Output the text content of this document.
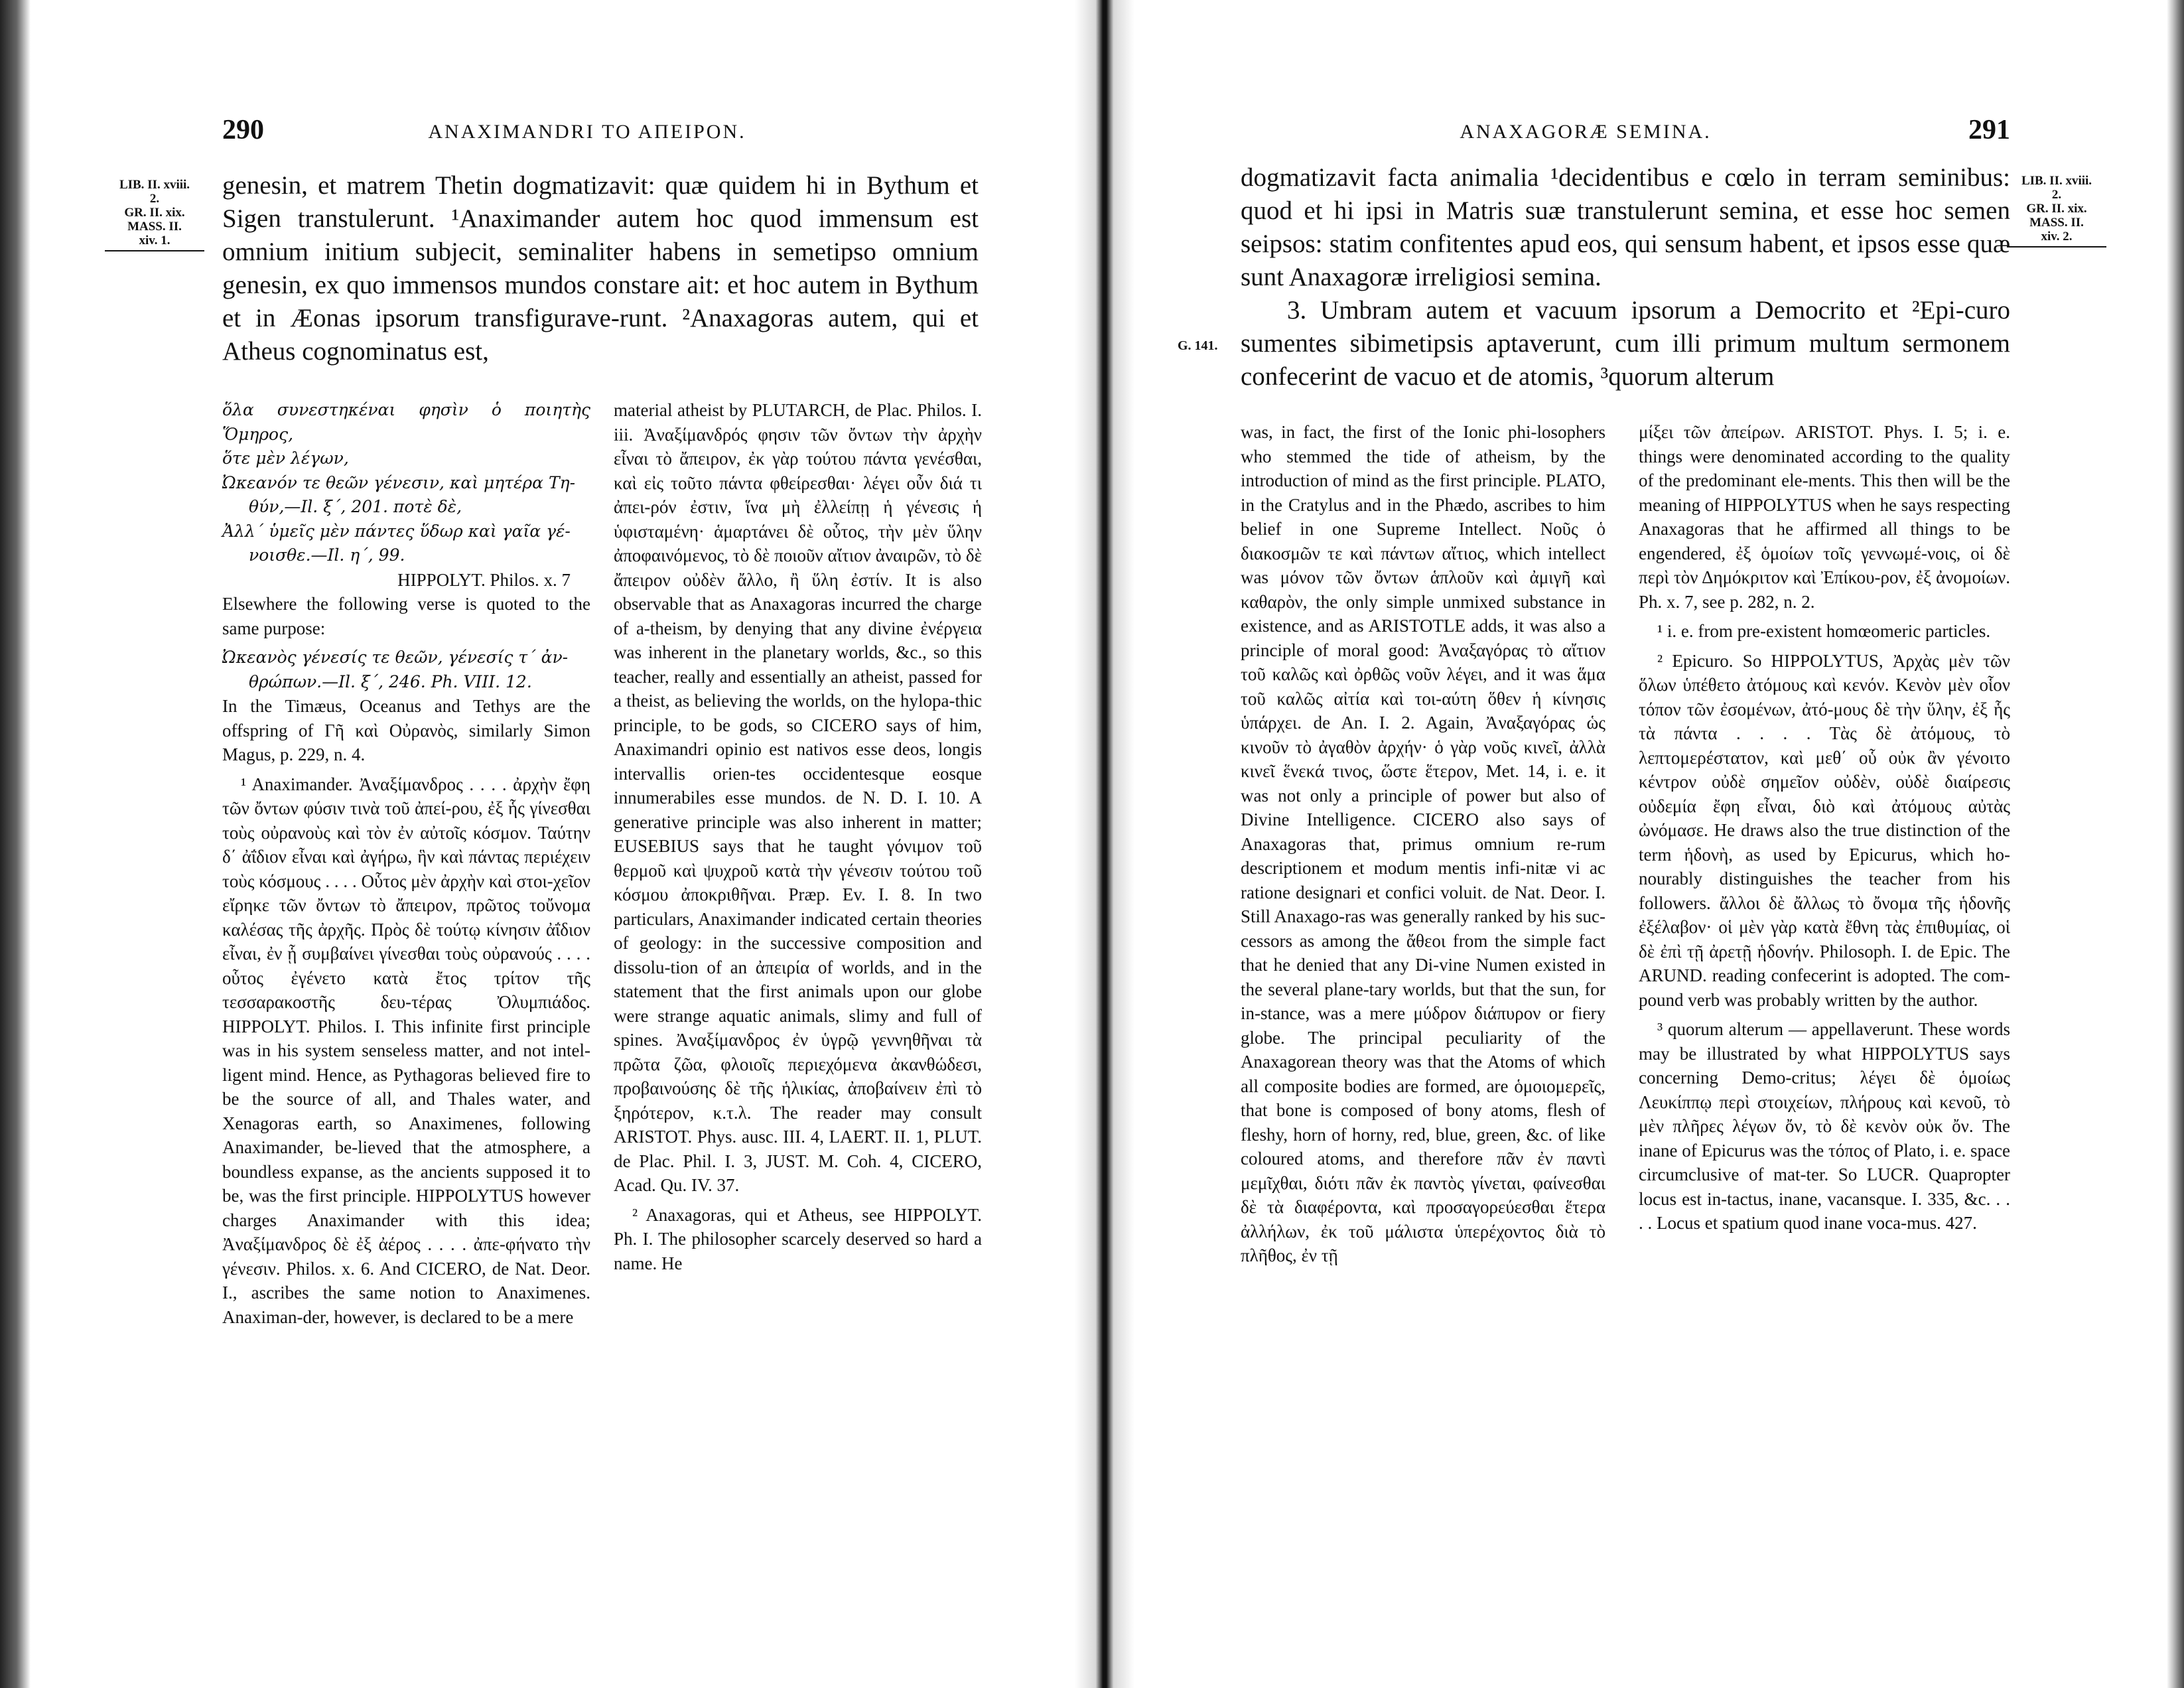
290	ANAXIMANDRI ΤΟ ΑΠΕΙΡΟΝ.
LIB. II. xviii.
2.
GR. II. xix.
MASS. II.
xiv. 1.
genesin, et matrem Thetin dogmatizavit: quæ quidem hi in Bythum et Sigen transtulerunt. ¹Anaximander autem hoc quod immensum est omnium initium subjecit, seminaliter habens in semetipso omnium genesin, ex quo immensos mundos constare ait: et hoc autem in Bythum et in Æonas ipsorum transfigurave-runt. ²Anaxagoras autem, qui et Atheus cognominatus est,
ὅλα συνεστηκέναι φησὶν ὁ ποιητὴς Ὅμηρος,
ὅτε μὲν λέγων,
Ὠκεανόν τε θεῶν γένεσιν, καὶ μητέρα Τη-
θύν,—Il. ξ΄, 201. ποτὲ δὲ,
Ἀλλ΄ ὑμεῖς μὲν πάντες ὕδωρ καὶ γαῖα γέ-
νοισθε.—Il. η΄, 99.
HIPPOLYT. Philos. x. 7

Elsewhere the following verse is quoted to the same purpose:

Ὠκεανὸς γένεσίς τε θεῶν, γένεσίς τ΄ ἀν-
θρώπων.—Il. ξ΄, 246. Ph. VIII. 12.

In the Timæus, Oceanus and Tethys are the offspring of Γῆ καὶ Οὐρανὸς, similarly Simon Magus, p. 229, n. 4.

¹ Anaximander. Ἀναξίμανδρος . . . . ἀρχὴν ἔφη τῶν ὄντων φύσιν τινὰ τοῦ ἀπεί-ρου, ἐξ ἧς γίνεσθαι τοὺς οὐρανοὺς καὶ τὸν ἐν αὐτοῖς κόσμον. Ταύτην δ΄ ἀΐδιον εἶναι καὶ ἀγήρω, ἣν καὶ πάντας περιέχειν τοὺς κόσμους . . . . Οὗτος μὲν ἀρχὴν καὶ στοι-χεῖον εἴρηκε τῶν ὄντων τὸ ἄπειρον, πρῶτος τοὔνομα καλέσας τῆς ἀρχῆς. Πρὸς δὲ τούτῳ κίνησιν ἀΐδιον εἶναι, ἐν ᾗ συμβαίνει γίνεσθαι τοὺς οὐρανούς . . . . οὗτος ἐγένετο κατὰ ἔτος τρίτον τῆς τεσσαρακοστῆς δευ-τέρας Ὀλυμπιάδος. HIPPOLYT. Philos. I. This infinite first principle was in his system senseless matter, and not intel-ligent mind. Hence, as Pythagoras believed fire to be the source of all, and Thales water, and Xenagoras earth, so Anaximenes, following Anaximander, be-lieved that the atmosphere, a boundless expanse, as the ancients supposed it to be, was the first principle. HIPPOLYTUS however charges Anaximander with this idea; Ἀναξίμανδρος δὲ ἐξ ἀέρος . . . . ἀπε-φήνατο τὴν γένεσιν. Philos. x. 6. And CICERO, de Nat. Deor. I., ascribes the same notion to Anaximenes. Anaximan-der, however, is declared to be a mere

material atheist by PLUTARCH, de Plac. Philos. I. iii. Ἀναξίμανδρός φησιν τῶν ὄντων τὴν ἀρχὴν εἶναι τὸ ἄπειρον, ἐκ γὰρ τούτου πάντα γενέσθαι, καὶ εἰς τοῦτο πάντα φθείρεσθαι· λέγει οὖν διά τι ἀπει-ρόν ἐστιν, ἵνα μὴ ἐλλείπῃ ἡ γένεσις ἡ ὑφισταμένη· ἁμαρτάνει δὲ οὗτος, τὴν μὲν ὕλην ἀποφαινόμενος, τὸ δὲ ποιοῦν αἴτιον ἀναιρῶν, τὸ δὲ ἄπειρον οὐδὲν ἄλλο, ἢ ὕλη ἐστίν. It is also observable that as Anaxagoras incurred the charge of a-theism, by denying that any divine ἐνέργεια was inherent in the planetary worlds, &c., so this teacher, really and essentially an atheist, passed for a theist, as believing the worlds, on the hylopa-thic principle, to be gods, so CICERO says of him, Anaximandri opinio est nativos esse deos, longis intervallis orien-tes occidentesque eosque innumerabiles esse mundos. de N. D. I. 10. A generative principle was also inherent in matter; EUSEBIUS says that he taught γόνιμον τοῦ θερμοῦ καὶ ψυχροῦ κατὰ τὴν γένεσιν τούτου τοῦ κόσμου ἀποκριθῆναι. Præp. Ev. I. 8. In two particulars, Anaximander indicated certain theories of geology: in the successive composition and dissolu-tion of an ἀπειρία of worlds, and in the statement that the first animals upon our globe were strange aquatic animals, slimy and full of spines. Ἀναξίμανδρος ἐν ὑγρῷ γεννηθῆναι τὰ πρῶτα ζῶα, φλοιοῖς περιεχόμενα ἀκανθώδεσι, προβαινούσης δὲ τῆς ἡλικίας, ἀποβαίνειν ἐπὶ τὸ ξηρότερον, κ.τ.λ. The reader may consult ARISTOT. Phys. ausc. III. 4, LAERT. II. 1, PLUT. de Plac. Phil. I. 3, JUST. M. Coh. 4, CICERO, Acad. Qu. IV. 37.

² Anaxagoras, qui et Atheus, see HIPPOLYT. Ph. I. The philosopher scarcely deserved so hard a name. He

ANAXAGORÆ SEMINA.	291
LIB. II. xviii.
2.
GR. II. xix.
MASS. II.
xiv. 2.
G. 141.
dogmatizavit facta animalia ¹decidentibus e cœlo in terram seminibus: quod et hi ipsi in Matris suæ transtulerunt semina, et esse hoc semen seipsos: statim confitentes apud eos, qui sensum habent, et ipsos esse quæ sunt Anaxagoræ irreligiosi semina.
3. Umbram autem et vacuum ipsorum a Democrito et ²Epi-curo sumentes sibimetipsis aptaverunt, cum illi primum multum sermonem confecerint de vacuo et de atomis, ³quorum alterum

was, in fact, the first of the Ionic phi-losophers who stemmed the tide of atheism, by the introduction of mind as the first principle. PLATO, in the Cratylus and in the Phædo, ascribes to him belief in one Supreme Intellect. Νοῦς ὁ διακοσμῶν τε καὶ πάντων αἴτιος, which intellect was μόνον τῶν ὄντων ἁπλοῦν καὶ ἀμιγῆ καὶ καθαρὸν, the only simple unmixed substance in existence, and as ARISTOTLE adds, it was also a principle of moral good: Ἀναξαγόρας τὸ αἴτιον τοῦ καλῶς καὶ ὀρθῶς νοῦν λέγει, and it was ἅμα τοῦ καλῶς αἰτία καὶ τοι-αύτη ὅθεν ἡ κίνησις ὑπάρχει. de An. I. 2. Again, Ἀναξαγόρας ὡς κινοῦν τὸ ἀγαθὸν ἀρχήν· ὁ γὰρ νοῦς κινεῖ, ἀλλὰ κινεῖ ἕνεκά τινος, ὥστε ἕτερον, Met. 14, i. e. it was not only a principle of power but also of Divine Intelligence. CICERO also says of Anaxagoras that, primus omnium re-rum descriptionem et modum mentis infi-nitæ vi ac ratione designari et confici voluit. de Nat. Deor. I. Still Anaxago-ras was generally ranked by his suc-cessors as among the ἄθεοι from the simple fact that he denied that any Di-vine Numen existed in the several plane-tary worlds, but that the sun, for in-stance, was a mere μύδρον διάπυρον or fiery globe. The principal peculiarity of the Anaxagorean theory was that the Atoms of which all composite bodies are formed, are ὁμοιομερεῖς, that bone is composed of bony atoms, flesh of fleshy, horn of horny, red, blue, green, &c. of like coloured atoms, and therefore πᾶν ἐν παντὶ μεμῖχθαι, διότι πᾶν ἐκ παντὸς γίνεται, φαίνεσθαι δὲ τὰ διαφέροντα, καὶ προσαγορεύεσθαι ἕτερα ἀλλήλων, ἐκ τοῦ μάλιστα ὑπερέχοντος διὰ τὸ πλῆθος, ἐν τῇ

μίξει τῶν ἀπείρων. ARISTOT. Phys. I. 5; i. e. things were denominated according to the quality of the predominant ele-ments. This then will be the meaning of HIPPOLYTUS when he says respecting Anaxagoras that he affirmed all things to be engendered, ἐξ ὁμοίων τοῖς γεννωμέ-νοις, οἱ δὲ περὶ τὸν Δημόκριτον καὶ Ἐπίκου-ρον, ἐξ ἀνομοίων. Ph. x. 7, see p. 282, n. 2.

¹ i. e. from pre-existent homœomeric particles.

² Epicuro. So HIPPOLYTUS, Ἀρχὰς μὲν τῶν ὅλων ὑπέθετο ἀτόμους καὶ κενόν. Κενὸν μὲν οἷον τόπον τῶν ἐσομένων, ἀτό-μους δὲ τὴν ὕλην, ἐξ ἧς τὰ πάντα . . . . Τὰς δὲ ἀτόμους, τὸ λεπτομερέστατον, καὶ μεθ΄ οὗ οὐκ ἂν γένοιτο κέντρον οὐδὲ σημεῖον οὐδὲν, οὐδὲ διαίρεσις οὐδεμία ἔφη εἶναι, διὸ καὶ ἀτόμους αὐτὰς ὠνόμασε. He draws also the true distinction of the term ἡδονὴ, as used by Epicurus, which ho-nourably distinguishes the teacher from his followers. ἄλλοι δὲ ἄλλως τὸ ὄνομα τῆς ἡδονῆς ἐξέλαβον· οἱ μὲν γὰρ κατὰ ἔθνη τὰς ἐπιθυμίας, οἱ δὲ ἐπὶ τῇ ἀρετῇ ἡδονήν. Philosoph. I. de Epic. The ARUND. reading confecerint is adopted. The com-pound verb was probably written by the author.

³ quorum alterum — appellaverunt. These words may be illustrated by what HIPPOLYTUS says concerning Demo-critus; λέγει δὲ ὁμοίως Λευκίππῳ περὶ στοιχείων, πλήρους καὶ κενοῦ, τὸ μὲν πλῆρες λέγων ὄν, τὸ δὲ κενὸν οὐκ ὄν. The inane of Epicurus was the τόπος of Plato, i. e. space circumclusive of mat-ter. So LUCR. Quapropter locus est in-tactus, inane, vacansque. I. 335, &c. . . . . Locus et spatium quod inane voca-mus. 427.
